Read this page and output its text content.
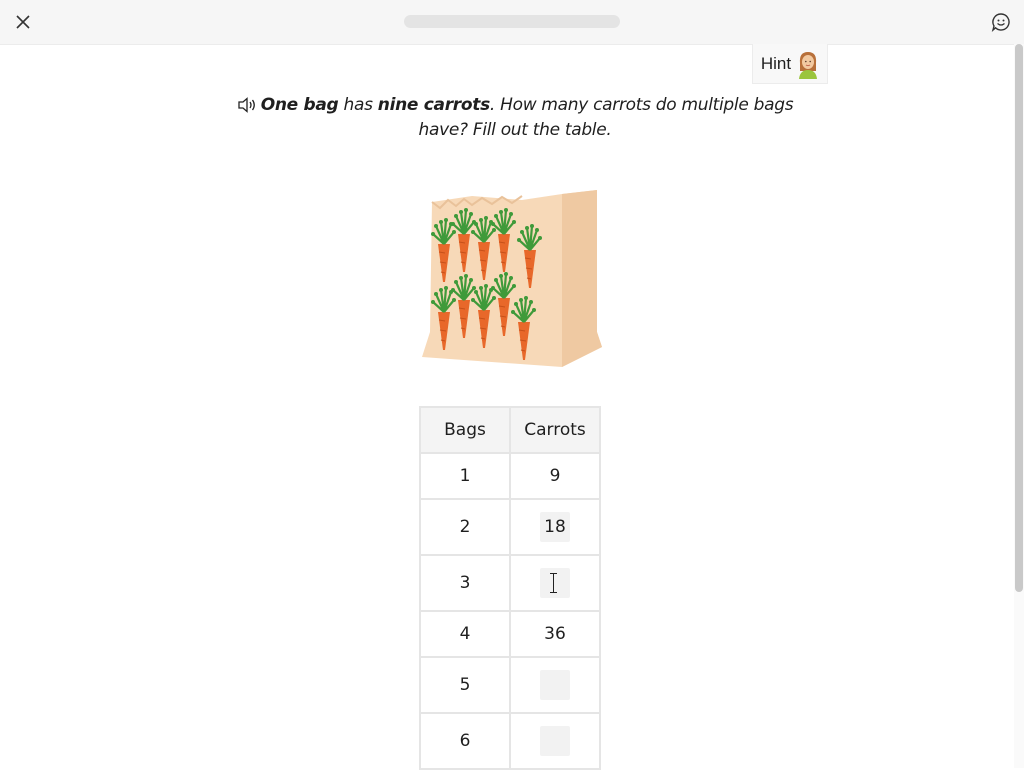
Hint
One bag has nine carrots. How many carrots do multiple bags have? Fill out the table.
Bags	Carrots
1	9
2	18
3	

4	36
5	
6	
